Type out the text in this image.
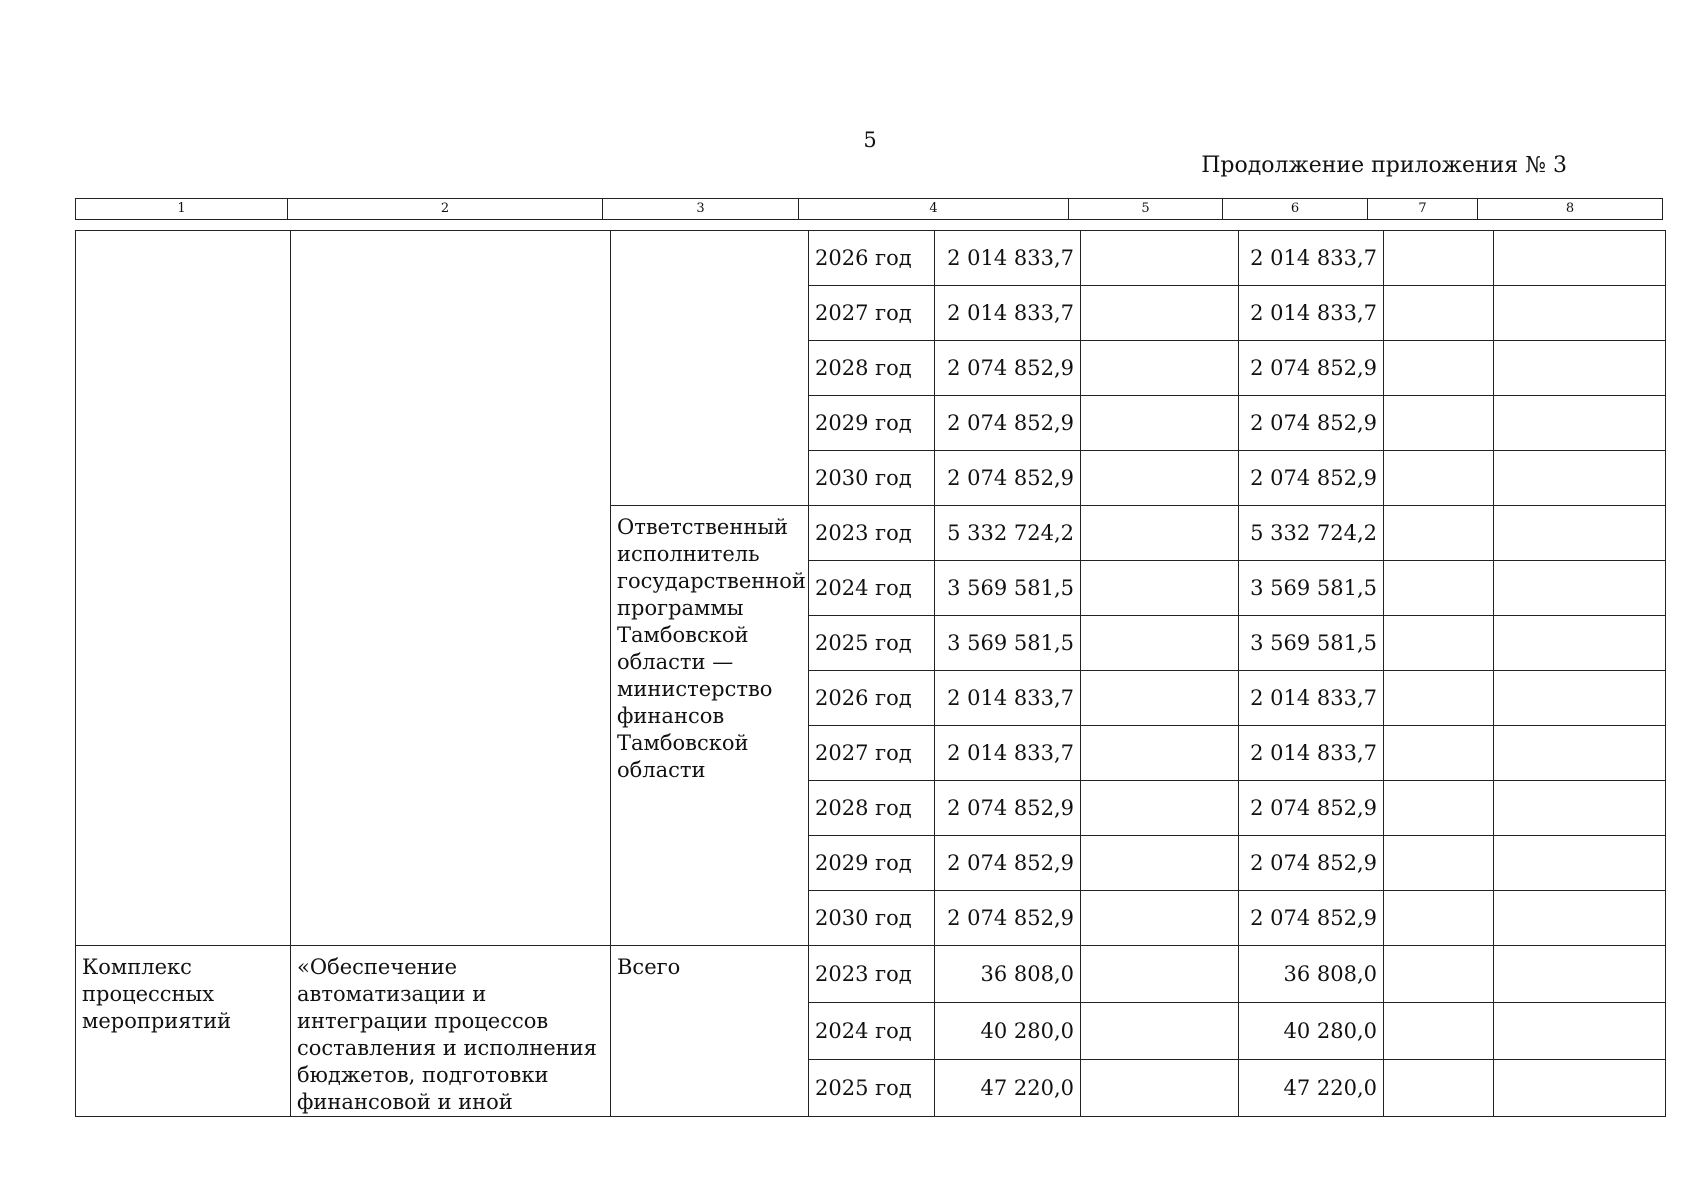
5
Продолжение приложения № 3
1	2	3	4	5	6	7	8
			2026 год	2 014 833,7		2 014 833,7		
			2027 год	2 014 833,7		2 014 833,7		
			2028 год	2 074 852,9		2 074 852,9		
			2029 год	2 074 852,9		2 074 852,9		
			2030 год	2 074 852,9		2 074 852,9		
		Ответственный исполнитель государственной программы Тамбовской области — министерство финансов Тамбовской области	2023 год	5 332 724,2		5 332 724,2		
			2024 год	3 569 581,5		3 569 581,5		
			2025 год	3 569 581,5		3 569 581,5		
			2026 год	2 014 833,7		2 014 833,7		
			2027 год	2 014 833,7		2 014 833,7		
			2028 год	2 074 852,9		2 074 852,9		
			2029 год	2 074 852,9		2 074 852,9		
			2030 год	2 074 852,9		2 074 852,9		
Комплекс процессных мероприятий	«Обеспечение автоматизации и интеграции процессов составления и исполнения бюджетов, подготовки финансовой и иной	Всего	2023 год	36 808,0		36 808,0		
			2024 год	40 280,0		40 280,0		
			2025 год	47 220,0		47 220,0		
